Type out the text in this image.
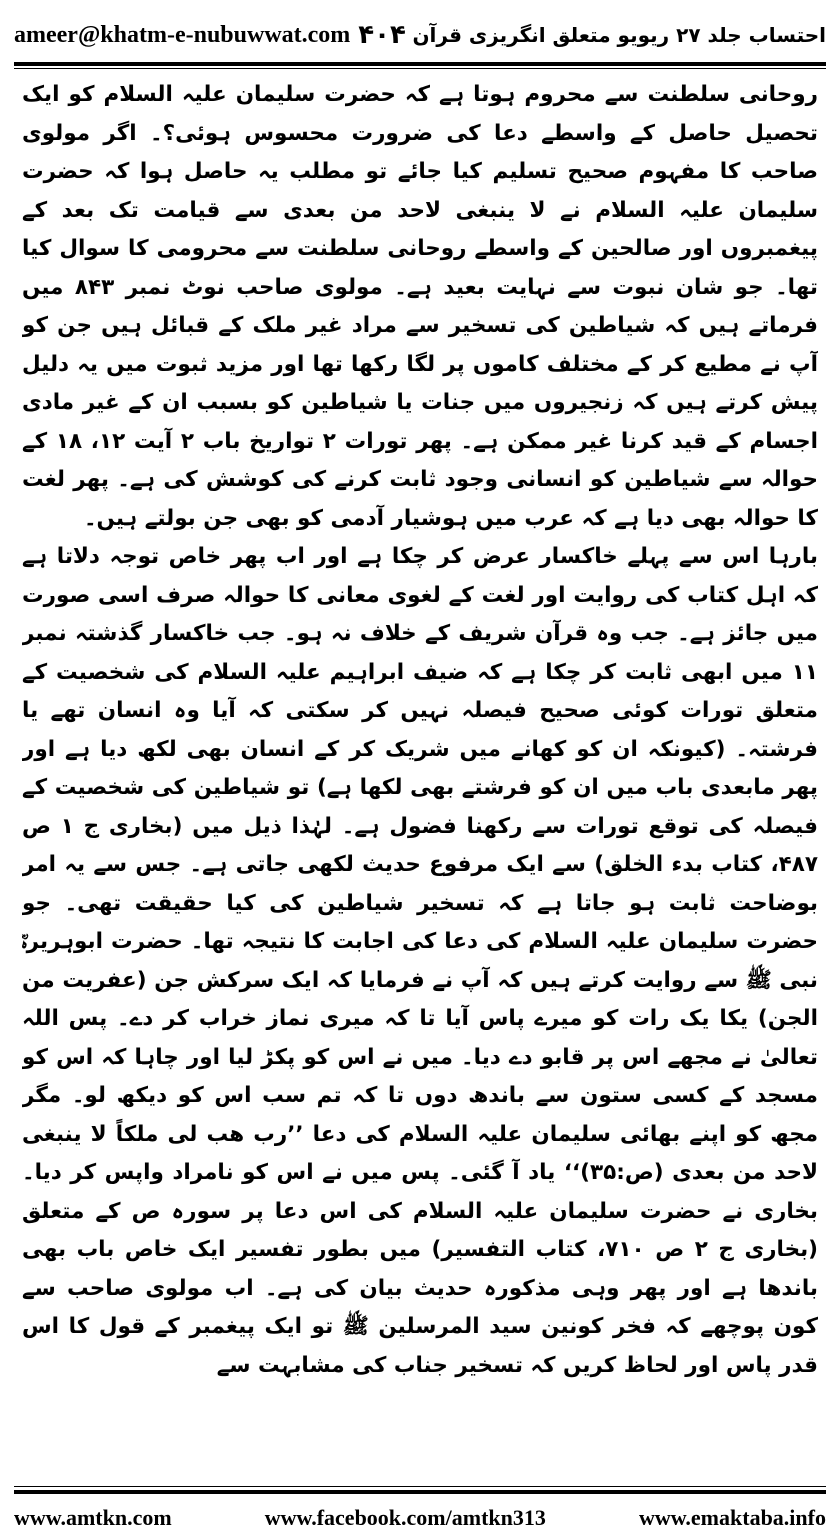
ameer@khatm-e-nubuwwat.com ۴۰۴ احتساب جلد ۲۷ ریویو متعلق انگریزی قرآن

روحانی سلطنت سے محروم ہوتا ہے کہ حضرت سلیمان علیہ السلام کو ایک تحصیل حاصل کے واسطے دعا کی ضرورت محسوس ہوئی؟۔ اگر مولوی صاحب کا مفہوم صحیح تسلیم کیا جائے تو مطلب یہ حاصل ہوا کہ حضرت سلیمان علیہ السلام نے لا ینبغی لاحد من بعدی سے قیامت تک بعد کے پیغمبروں اور صالحین کے واسطے روحانی سلطنت سے محرومی کا سوال کیا تھا۔ جو شان نبوت سے نہایت بعید ہے۔ مولوی صاحب نوٹ نمبر ۸۴۳ میں فرماتے ہیں کہ شیاطین کی تسخیر سے مراد غیر ملک کے قبائل ہیں جن کو آپ نے مطیع کر کے مختلف کاموں پر لگا رکھا تھا اور مزید ثبوت میں یہ دلیل پیش کرتے ہیں کہ زنجیروں میں جنات یا شیاطین کو بسبب ان کے غیر مادی اجسام کے قید کرنا غیر ممکن ہے۔ پھر تورات ۲ تواریخ باب ۲ آیت ۱۲، ۱۸ کے حوالہ سے شیاطین کو انسانی وجود ثابت کرنے کی کوشش کی ہے۔ پھر لغت کا حوالہ بھی دیا ہے کہ عرب میں ہوشیار آدمی کو بھی جن بولتے ہیں۔

بارہا اس سے پہلے خاکسار عرض کر چکا ہے اور اب پھر خاص توجہ دلاتا ہے کہ اہل کتاب کی روایت اور لغت کے لغوی معانی کا حوالہ صرف اسی صورت میں جائز ہے۔ جب وہ قرآن شریف کے خلاف نہ ہو۔ جب خاکسار گذشتہ نمبر ۱۱ میں ابھی ثابت کر چکا ہے کہ ضیف ابراہیم علیہ السلام کی شخصیت کے متعلق تورات کوئی صحیح فیصلہ نہیں کر سکتی کہ آیا وہ انسان تھے یا فرشتہ۔ (کیونکہ ان کو کھانے میں شریک کر کے انسان بھی لکھ دیا ہے اور پھر مابعدی باب میں ان کو فرشتے بھی لکھا ہے) تو شیاطین کی شخصیت کے فیصلہ کی توقع تورات سے رکھنا فضول ہے۔ لہٰذا ذیل میں (بخاری ج ۱ ص ۴۸۷، کتاب بدء الخلق) سے ایک مرفوع حدیث لکھی جاتی ہے۔ جس سے یہ امر بوضاحت ثابت ہو جاتا ہے کہ تسخیر شیاطین کی کیا حقیقت تھی۔ جو حضرت سلیمان علیہ السلام کی دعا کی اجابت کا نتیجہ تھا۔ حضرت ابوہریرہؓ نبی ﷺ سے روایت کرتے ہیں کہ آپ نے فرمایا کہ ایک سرکش جن (عفریت من الجن) یکا یک رات کو میرے پاس آیا تا کہ میری نماز خراب کر دے۔ پس اللہ تعالیٰ نے مجھے اس پر قابو دے دیا۔ میں نے اس کو پکڑ لیا اور چاہا کہ اس کو مسجد کے کسی ستون سے باندھ دوں تا کہ تم سب اس کو دیکھ لو۔ مگر مجھ کو اپنے بھائی سلیمان علیہ السلام کی دعا ’’رب ھب لی ملکاً لا ینبغی لاحد من بعدی (ص:۳۵)‘‘ یاد آ گئی۔ پس میں نے اس کو نامراد واپس کر دیا۔ بخاری نے حضرت سلیمان علیہ السلام کی اس دعا پر سورہ ص کے متعلق (بخاری ج ۲ ص ۷۱۰، کتاب التفسیر) میں بطور تفسیر ایک خاص باب بھی باندھا ہے اور پھر وہی مذکورہ حدیث بیان کی ہے۔ اب مولوی صاحب سے کون پوچھے کہ فخر کونین سید المرسلین ﷺ تو ایک پیغمبر کے قول کا اس قدر پاس اور لحاظ کریں کہ تسخیر جناب کی مشابہت سے

www.amtkn.com	www.facebook.com/amtkn313	www.emaktaba.info
